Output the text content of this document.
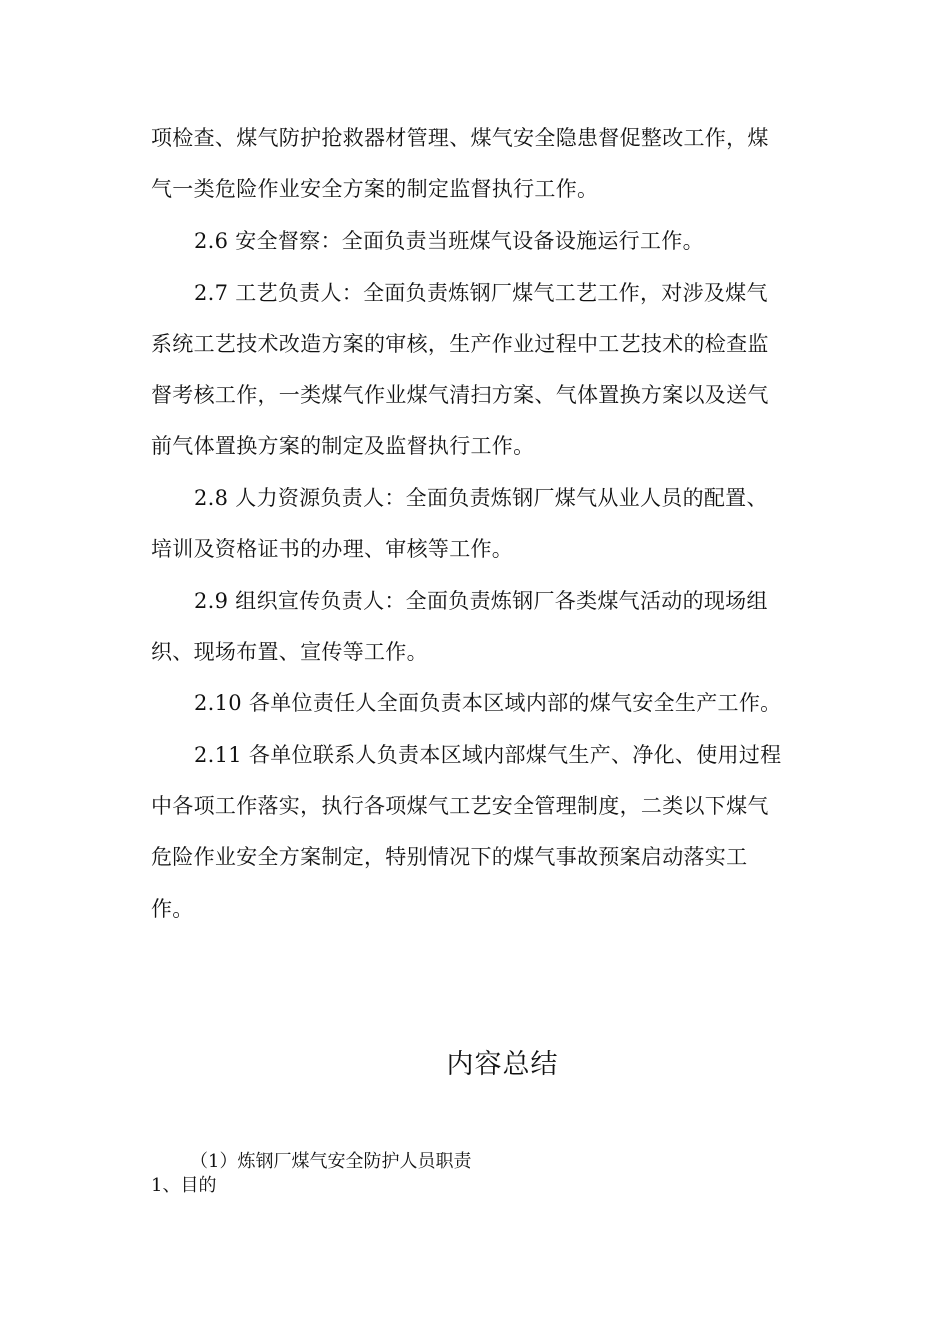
项检查、煤气防护抢救器材管理、煤气安全隐患督促整改工作，煤
气一类危险作业安全方案的制定监督执行工作。
2.6 安全督察：全面负责当班煤气设备设施运行工作。
2.7 工艺负责人：全面负责炼钢厂煤气工艺工作，对涉及煤气
系统工艺技术改造方案的审核，生产作业过程中工艺技术的检查监
督考核工作，一类煤气作业煤气清扫方案、气体置换方案以及送气
前气体置换方案的制定及监督执行工作。
2.8 人力资源负责人：全面负责炼钢厂煤气从业人员的配置、
培训及资格证书的办理、审核等工作。
2.9 组织宣传负责人：全面负责炼钢厂各类煤气活动的现场组
织、现场布置、宣传等工作。
2.10 各单位责任人全面负责本区域内部的煤气安全生产工作。
2.11 各单位联系人负责本区域内部煤气生产、净化、使用过程
中各项工作落实，执行各项煤气工艺安全管理制度，二类以下煤气
危险作业安全方案制定，特别情况下的煤气事故预案启动落实工
作。
内容总结
（1）炼钢厂煤气安全防护人员职责
1、目的
